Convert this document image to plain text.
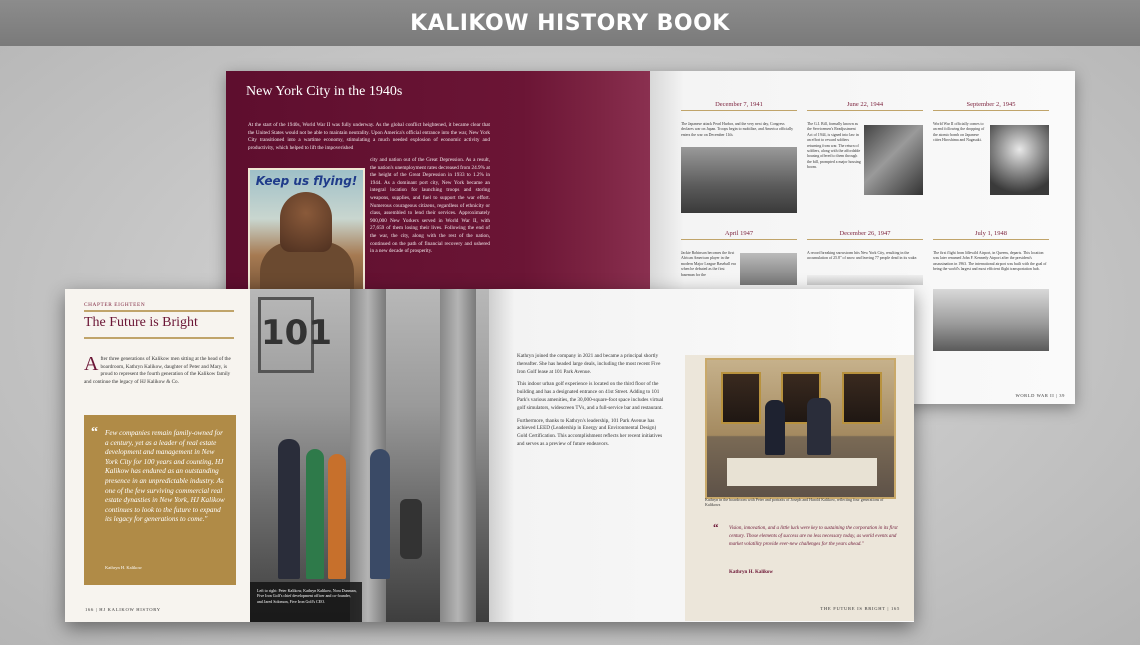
KALIKOW HISTORY BOOK
New York City in the 1940s
At the start of the 1940s, World War II was fully underway. As the global conflict heightened, it became clear that the United States would not be able to maintain neutrality. Upon America's official entrance into the war, New York City transitioned into a wartime economy, stimulating a much needed explosion of economic activity and productivity, which helped to lift the impoverished
city and nation out of the Great Depression. As a result, the nation's unemployment rates decreased from 24.9% at the height of the Great Depression in 1933 to 1.2% in 1944. As a dominant port city, New York became an integral location for launching troops and storing weapons, supplies, and fuel to support the war effort. Numerous courageous citizens, regardless of ethnicity or class, assembled to lend their services. Approximately 900,000 New Yorkers served in World War II, with 27,659 of them losing their lives. Following the end of the war, the city, along with the rest of the nation, continued on the path of financial recovery and ushered in a new decade of prosperity.
Keep us flying!
December 7, 1941
The Japanese attack Pearl Harbor, and the very next day, Congress declares war on Japan. Troops begin to mobilize, and America officially enters the war on December 11th.
June 22, 1944
The G.I. Bill, formally known as the Servicemen's Readjustment Act of 1944, is signed into law in an effort to reward soldiers returning from war. The return of soldiers, along with the affordable housing offered to them through the bill, prompted a major housing boom.
September 2, 1945
World War II officially comes to an end following the dropping of the atomic bomb on Japanese cities Hiroshima and Nagasaki.
April 1947
Jackie Robinson becomes the first African American player in the modern Major League Baseball era when he debuted as the first baseman for the
December 26, 1947
A record breaking snowstorm hits New York City, resulting in the accumulation of 25.8" of snow and leaving 77 people dead in its wake.
July 1, 1948
The first flight from Idlewild Airport, in Queens, departs. This location was later renamed John F. Kennedy Airport after the president's assassination in 1963. The international airport was built with the goal of being the world's largest and most efficient flight transportation hub.
WORLD WAR II | 39
CHAPTER EIGHTEEN
The Future is Bright
A fter three generations of Kalikow men sitting at the head of the boardroom, Kathryn Kalikow, daughter of Peter and Mary, is proud to represent the fourth generation of the Kalikow family and continue the legacy of HJ Kalikow & Co.
“ Few companies remain family-owned for a century, yet as a leader of real estate development and management in New York City for 100 years and counting, HJ Kalikow has endured as an outstanding presence in an unpredictable industry. As one of the few surviving commercial real estate dynasties in New York, HJ Kalikow continues to look to the future to expand its legacy for generations to come."
Kathryn H. Kalikow
101
Left to right: Peter Kalikow, Kathryn Kalikow, Nora Dunman, Five Iron Golf's chief development officer and co-founder, and Jared Solomon, Five Iron Golf's CEO.
166 | HJ KALIKOW HISTORY

Kathryn joined the company in 2021 and became a principal shortly thereafter. She has headed large deals, including the most recent Five Iron Golf lease at 101 Park Avenue.

This indoor urban golf experience is located on the third floor of the building and has a designated entrance on 41st Street. Adding to 101 Park's various amenities, the 30,000-square-foot space includes virtual golf simulators, widescreen TVs, and a full-service bar and restaurant.

Furthermore, thanks to Kathryn's leadership, 101 Park Avenue has achieved LEED (Leadership in Energy and Environmental Design) Gold Certification. This accomplishment reflects her recent initiatives and serves as a preview of future endeavors.

Kathryn in the boardroom with Peter and portraits of Joseph and Harold Kalikow, reflecting four generations of Kalikows
“ Vision, innovation, and a little luck were key to sustaining the corporation in its first century. Those elements of success are no less necessary today, as world events and market volatility provide ever-new challenges for the years ahead."
Kathryn H. Kalikow
THE FUTURE IS BRIGHT | 165
